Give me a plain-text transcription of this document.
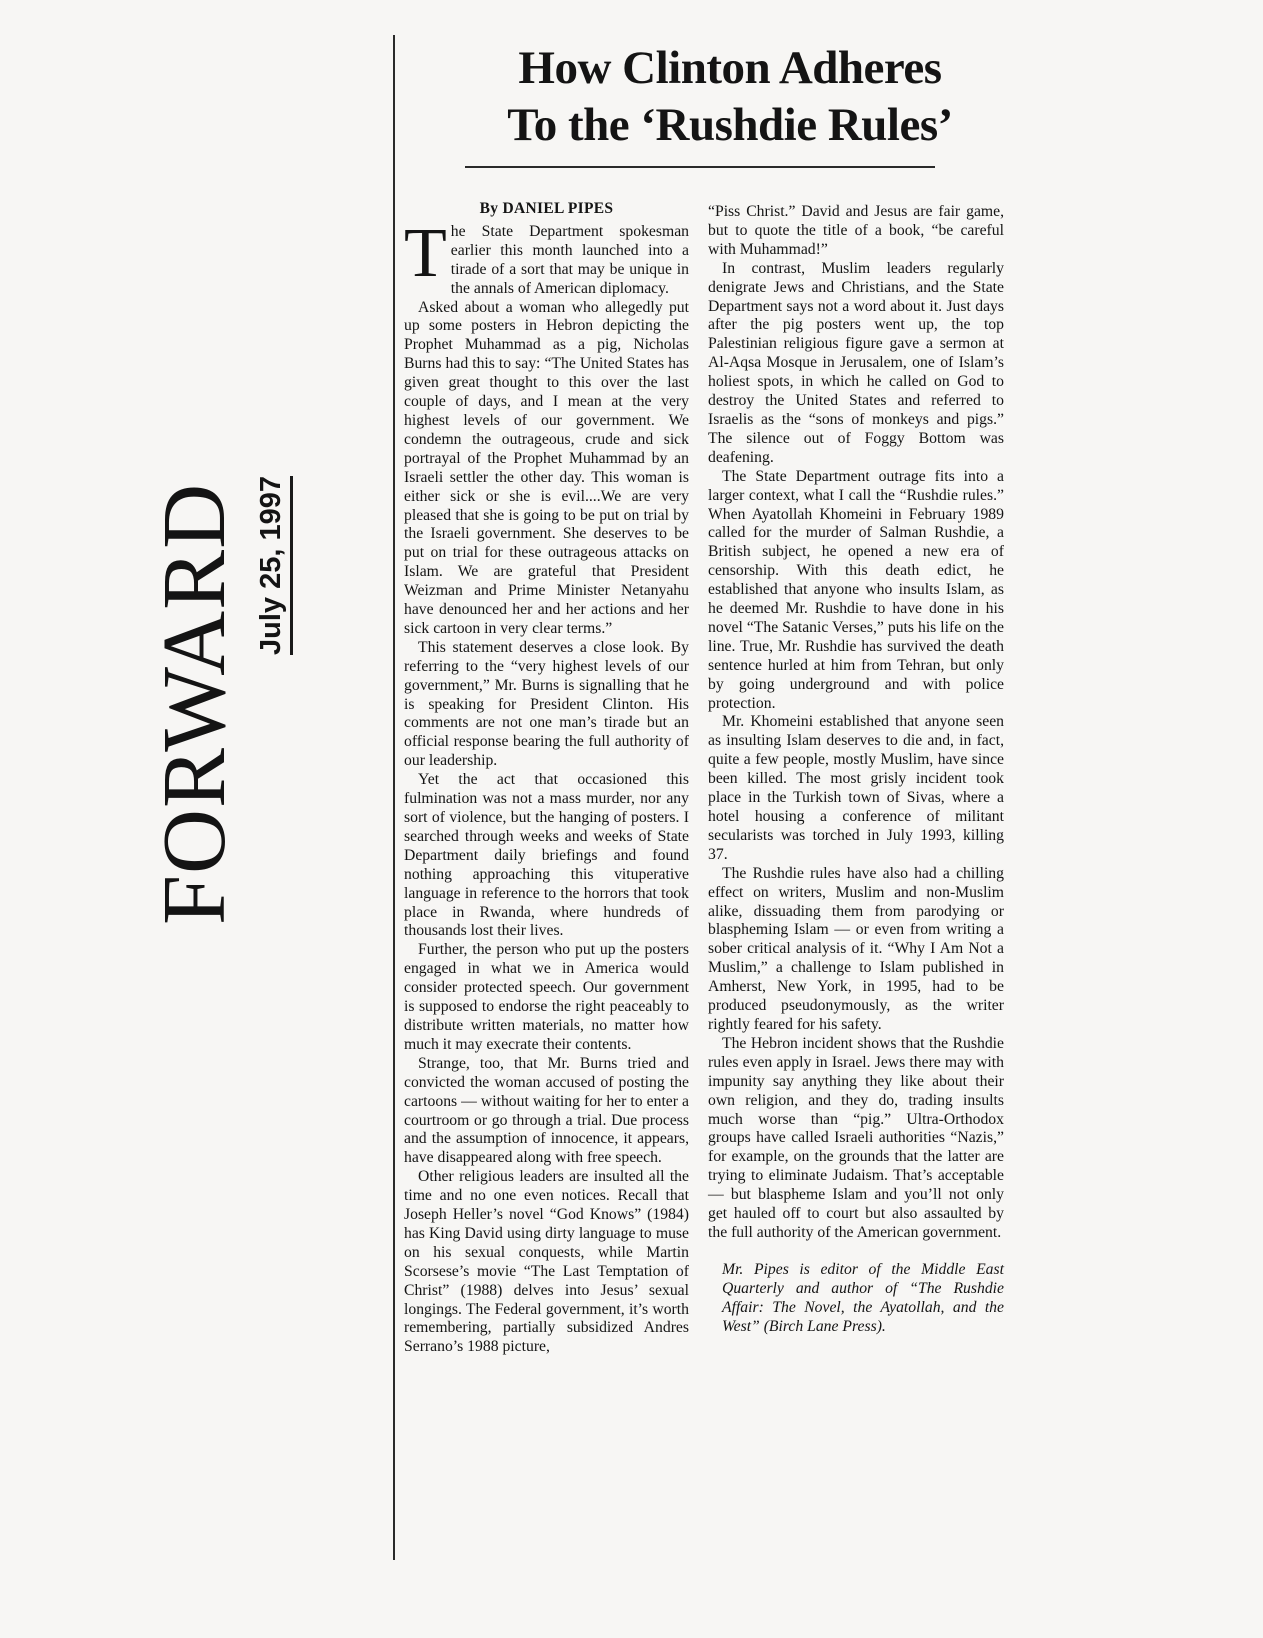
FORWARD July 25, 1997
How Clinton Adheres
To the ‘Rushdie Rules’
By DANIEL PIPES

The State Department spokesman earlier this month launched into a tirade of a sort that may be unique in the annals of American diplomacy.

Asked about a woman who allegedly put up some posters in Hebron depicting the Prophet Muhammad as a pig, Nicholas Burns had this to say: “The United States has given great thought to this over the last couple of days, and I mean at the very highest levels of our government. We condemn the outrageous, crude and sick portrayal of the Prophet Muhammad by an Israeli settler the other day. This woman is either sick or she is evil....We are very pleased that she is going to be put on trial by the Israeli government. She deserves to be put on trial for these outrageous attacks on Islam. We are grateful that President Weizman and Prime Minister Netanyahu have denounced her and her actions and her sick cartoon in very clear terms.”

This statement deserves a close look. By referring to the “very highest levels of our government,” Mr. Burns is signalling that he is speaking for President Clinton. His comments are not one man’s tirade but an official response bearing the full authority of our leadership.

Yet the act that occasioned this fulmination was not a mass murder, nor any sort of violence, but the hanging of posters. I searched through weeks and weeks of State Department daily briefings and found nothing approaching this vituperative language in reference to the horrors that took place in Rwanda, where hundreds of thousands lost their lives.

Further, the person who put up the posters engaged in what we in America would consider protected speech. Our government is supposed to endorse the right peaceably to distribute written materials, no matter how much it may execrate their contents.

Strange, too, that Mr. Burns tried and convicted the woman accused of posting the cartoons — without waiting for her to enter a courtroom or go through a trial. Due process and the assumption of innocence, it appears, have disappeared along with free speech.

Other religious leaders are insulted all the time and no one even notices. Recall that Joseph Heller’s novel “God Knows” (1984) has King David using dirty language to muse on his sexual conquests, while Martin Scorsese’s movie “The Last Temptation of Christ” (1988) delves into Jesus’ sexual longings. The Federal government, it’s worth remembering, partially subsidized Andres Serrano’s 1988 picture,

“Piss Christ.” David and Jesus are fair game, but to quote the title of a book, “be careful with Muhammad!”

In contrast, Muslim leaders regularly denigrate Jews and Christians, and the State Department says not a word about it. Just days after the pig posters went up, the top Palestinian religious figure gave a sermon at Al-Aqsa Mosque in Jerusalem, one of Islam’s holiest spots, in which he called on God to destroy the United States and referred to Israelis as the “sons of monkeys and pigs.” The silence out of Foggy Bottom was deafening.

The State Department outrage fits into a larger context, what I call the “Rushdie rules.” When Ayatollah Khomeini in February 1989 called for the murder of Salman Rushdie, a British subject, he opened a new era of censorship. With this death edict, he established that anyone who insults Islam, as he deemed Mr. Rushdie to have done in his novel “The Satanic Verses,” puts his life on the line. True, Mr. Rushdie has survived the death sentence hurled at him from Tehran, but only by going underground and with police protection.

Mr. Khomeini established that anyone seen as insulting Islam deserves to die and, in fact, quite a few people, mostly Muslim, have since been killed. The most grisly incident took place in the Turkish town of Sivas, where a hotel housing a conference of militant secularists was torched in July 1993, killing 37.

The Rushdie rules have also had a chilling effect on writers, Muslim and non-Muslim alike, dissuading them from parodying or blaspheming Islam — or even from writing a sober critical analysis of it. “Why I Am Not a Muslim,” a challenge to Islam published in Amherst, New York, in 1995, had to be produced pseudonymously, as the writer rightly feared for his safety.

The Hebron incident shows that the Rushdie rules even apply in Israel. Jews there may with impunity say anything they like about their own religion, and they do, trading insults much worse than “pig.” Ultra-Orthodox groups have called Israeli authorities “Nazis,” for example, on the grounds that the latter are trying to eliminate Judaism. That’s acceptable — but blaspheme Islam and you’ll not only get hauled off to court but also assaulted by the full authority of the American government.

Mr. Pipes is editor of the Middle East Quarterly and author of “The Rushdie Affair: The Novel, the Ayatollah, and the West” (Birch Lane Press).
